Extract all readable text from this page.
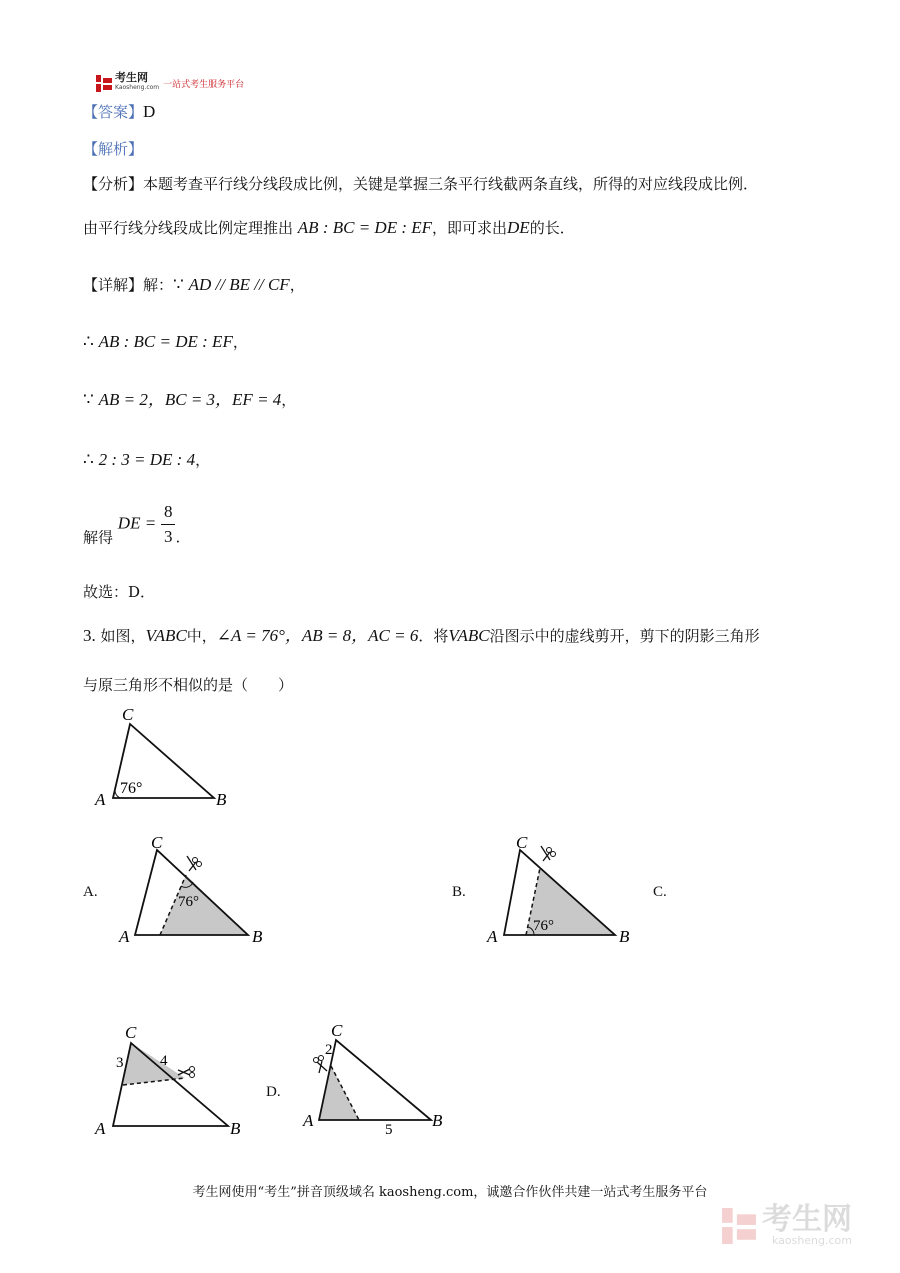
考生网
Kaosheng.com 一站式考生服务平台
【答案】D
【解析】
【分析】本题考查平行线分线段成比例，关键是掌握三条平行线截两条直线，所得的对应线段成比例．
由平行线分线段成比例定理推出 AB : BC = DE : EF，即可求出DE的长．
【详解】解：∵ AD // BE // CF，
∴ AB : BC = DE : EF，
∵ AB = 2，BC = 3，EF = 4，
∴ 2 : 3 = DE : 4，
解得 DE = $\frac{8}{3}$ .
故选：D．
3. 如图，VABC中，∠A = 76°，AB = 8，AC = 6．将VABC沿图示中的虚线剪开，剪下的阴影三角形
与原三角形不相似的是（　　）
76°
C
A	B
A.
76°
C
A	B
B.
76°
C
A	B
C.
3 4
C
A	B
D.
2
5
C
A	B
考生网使用“考生”拼音顶级域名 kaosheng.com，诚邀合作伙伴共建一站式考生服务平台
考生网
kaosheng.com
